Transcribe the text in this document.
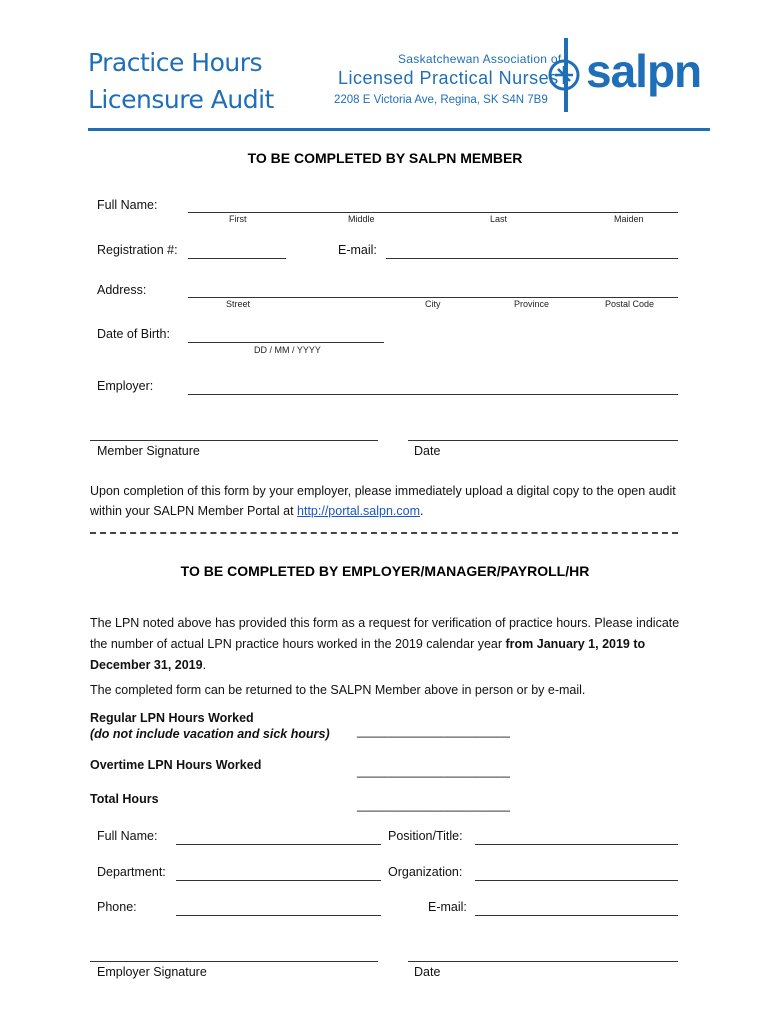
Practice Hours
Licensure Audit
Saskatchewan Association of
Licensed Practical Nurses
2208 E Victoria Ave, Regina, SK S4N 7B9
salpn
TO BE COMPLETED BY SALPN MEMBER
Full Name:
First	Middle	Last	Maiden
Registration #:	E-mail:
Address:
Street	City	Province	Postal Code
Date of Birth:
DD / MM / YYYY
Employer:
Member Signature	Date
Upon completion of this form by your employer, please immediately upload a digital copy to the open audit within your SALPN Member Portal at http://portal.salpn.com.
TO BE COMPLETED BY EMPLOYER/MANAGER/PAYROLL/HR
The LPN noted above has provided this form as a request for verification of practice hours. Please indicate the number of actual LPN practice hours worked in the 2019 calendar year from January 1, 2019 to December 31, 2019.
The completed form can be returned to the SALPN Member above in person or by e-mail.
Regular LPN Hours Worked
(do not include vacation and sick hours) ______________________
Overtime LPN Hours Worked	______________________
Total Hours	______________________
Full Name:	Position/Title:
Department:	Organization:
Phone:	E-mail:
Employer Signature	Date
